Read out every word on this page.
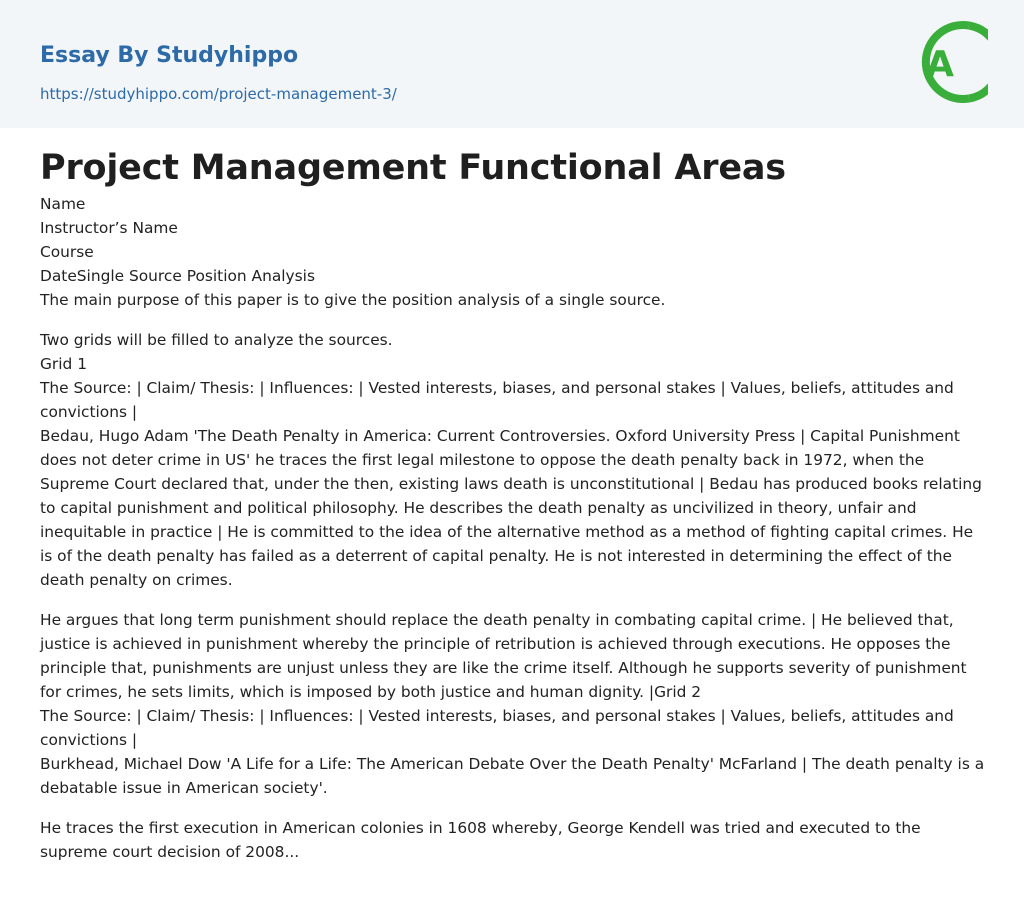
Essay By Studyhippo
https://studyhippo.com/project-management-3/
A
Project Management Functional Areas

Name
Instructor’s Name
Course
DateSingle Source Position Analysis
The main purpose of this paper is to give the position analysis of a single source.

Two grids will be filled to analyze the sources.
Grid 1
The Source: | Claim/ Thesis: | Influences: | Vested interests, biases, and personal stakes | Values, beliefs, attitudes and convictions |
Bedau, Hugo Adam 'The Death Penalty in America: Current Controversies. Oxford University Press | Capital Punishment does not deter crime in US' he traces the first legal milestone to oppose the death penalty back in 1972, when the Supreme Court declared that, under the then, existing laws death is unconstitutional | Bedau has produced books relating to capital punishment and political philosophy. He describes the death penalty as uncivilized in theory, unfair and inequitable in practice | He is committed to the idea of the alternative method as a method of fighting capital crimes. He is of the death penalty has failed as a deterrent of capital penalty. He is not interested in determining the effect of the death penalty on crimes.

He argues that long term punishment should replace the death penalty in combating capital crime. | He believed that, justice is achieved in punishment whereby the principle of retribution is achieved through executions. He opposes the principle that, punishments are unjust unless they are like the crime itself. Although he supports severity of punishment for crimes, he sets limits, which is imposed by both justice and human dignity. |Grid 2
The Source: | Claim/ Thesis: | Influences: | Vested interests, biases, and personal stakes | Values, beliefs, attitudes and convictions |
Burkhead, Michael Dow 'A Life for a Life: The American Debate Over the Death Penalty' McFarland | The death penalty is a debatable issue in American society'.

He traces the first execution in American colonies in 1608 whereby, George Kendell was tried and executed to the supreme court decision of 2008...
